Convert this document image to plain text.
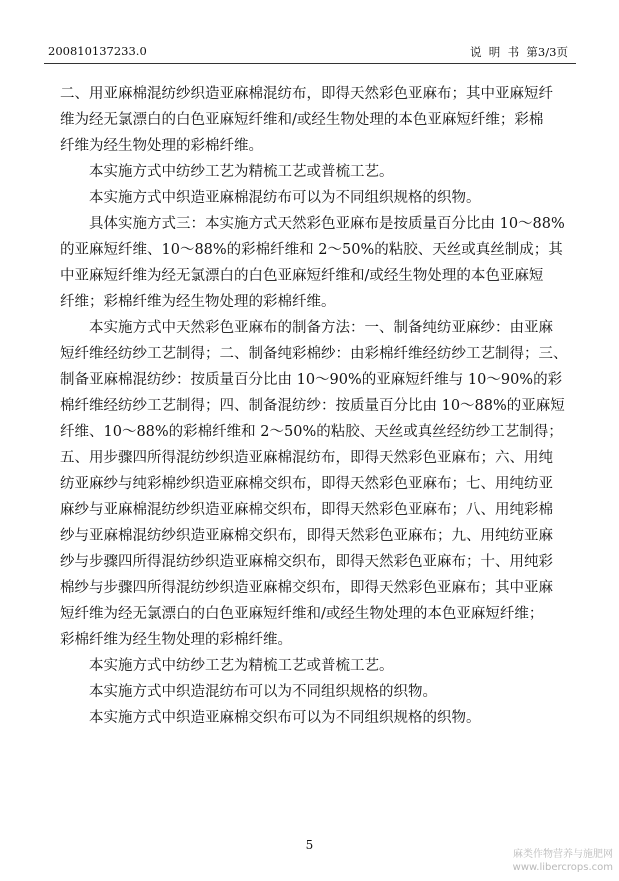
200810137233.0	说  明  书  第3/3页
二、用亚麻棉混纺纱织造亚麻棉混纺布，即得天然彩色亚麻布；其中亚麻短纤
维为经无氯漂白的白色亚麻短纤维和/或经生物处理的本色亚麻短纤维；彩棉
纤维为经生物处理的彩棉纤维。
本实施方式中纺纱工艺为精梳工艺或普梳工艺。
本实施方式中织造亚麻棉混纺布可以为不同组织规格的织物。
具体实施方式三：本实施方式天然彩色亚麻布是按质量百分比由 10～88%
的亚麻短纤维、10～88%的彩棉纤维和 2～50%的粘胶、天丝或真丝制成；其
中亚麻短纤维为经无氯漂白的白色亚麻短纤维和/或经生物处理的本色亚麻短
纤维；彩棉纤维为经生物处理的彩棉纤维。
本实施方式中天然彩色亚麻布的制备方法：一、制备纯纺亚麻纱：由亚麻
短纤维经纺纱工艺制得；二、制备纯彩棉纱：由彩棉纤维经纺纱工艺制得；三、
制备亚麻棉混纺纱：按质量百分比由 10～90%的亚麻短纤维与 10～90%的彩
棉纤维经纺纱工艺制得；四、制备混纺纱：按质量百分比由 10～88%的亚麻短
纤维、10～88%的彩棉纤维和 2～50%的粘胶、天丝或真丝经纺纱工艺制得；
五、用步骤四所得混纺纱织造亚麻棉混纺布，即得天然彩色亚麻布；六、用纯
纺亚麻纱与纯彩棉纱织造亚麻棉交织布，即得天然彩色亚麻布；七、用纯纺亚
麻纱与亚麻棉混纺纱织造亚麻棉交织布，即得天然彩色亚麻布；八、用纯彩棉
纱与亚麻棉混纺纱织造亚麻棉交织布，即得天然彩色亚麻布；九、用纯纺亚麻
纱与步骤四所得混纺纱织造亚麻棉交织布，即得天然彩色亚麻布；十、用纯彩
棉纱与步骤四所得混纺纱织造亚麻棉交织布，即得天然彩色亚麻布；其中亚麻
短纤维为经无氯漂白的白色亚麻短纤维和/或经生物处理的本色亚麻短纤维；
彩棉纤维为经生物处理的彩棉纤维。
本实施方式中纺纱工艺为精梳工艺或普梳工艺。
本实施方式中织造混纺布可以为不同组织规格的织物。
本实施方式中织造亚麻棉交织布可以为不同组织规格的织物。
5
麻类作物营养与施肥网
www.libercrops.com
